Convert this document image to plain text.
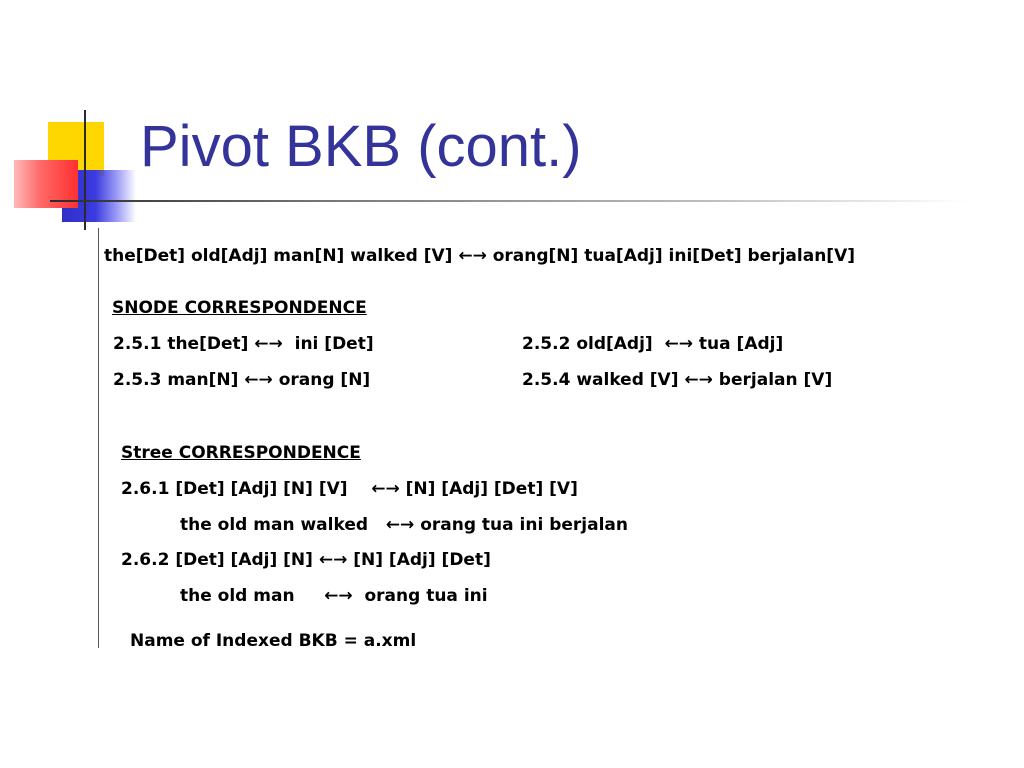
Pivot BKB (cont.)
the[Det] old[Adj] man[N] walked [V] ←→ orang[N] tua[Adj] ini[Det] berjalan[V]
SNODE CORRESPONDENCE
2.5.1 the[Det] ←→  ini [Det]	2.5.2 old[Adj]  ←→ tua [Adj]
2.5.3 man[N] ←→ orang [N]	2.5.4 walked [V] ←→ berjalan [V]
Stree CORRESPONDENCE
2.6.1 [Det] [Adj] [N] [V]    ←→ [N] [Adj] [Det] [V]
the old man walked   ←→ orang tua ini berjalan
2.6.2 [Det] [Adj] [N] ←→ [N] [Adj] [Det]
the old man     ←→  orang tua ini
Name of Indexed BKB = a.xml
